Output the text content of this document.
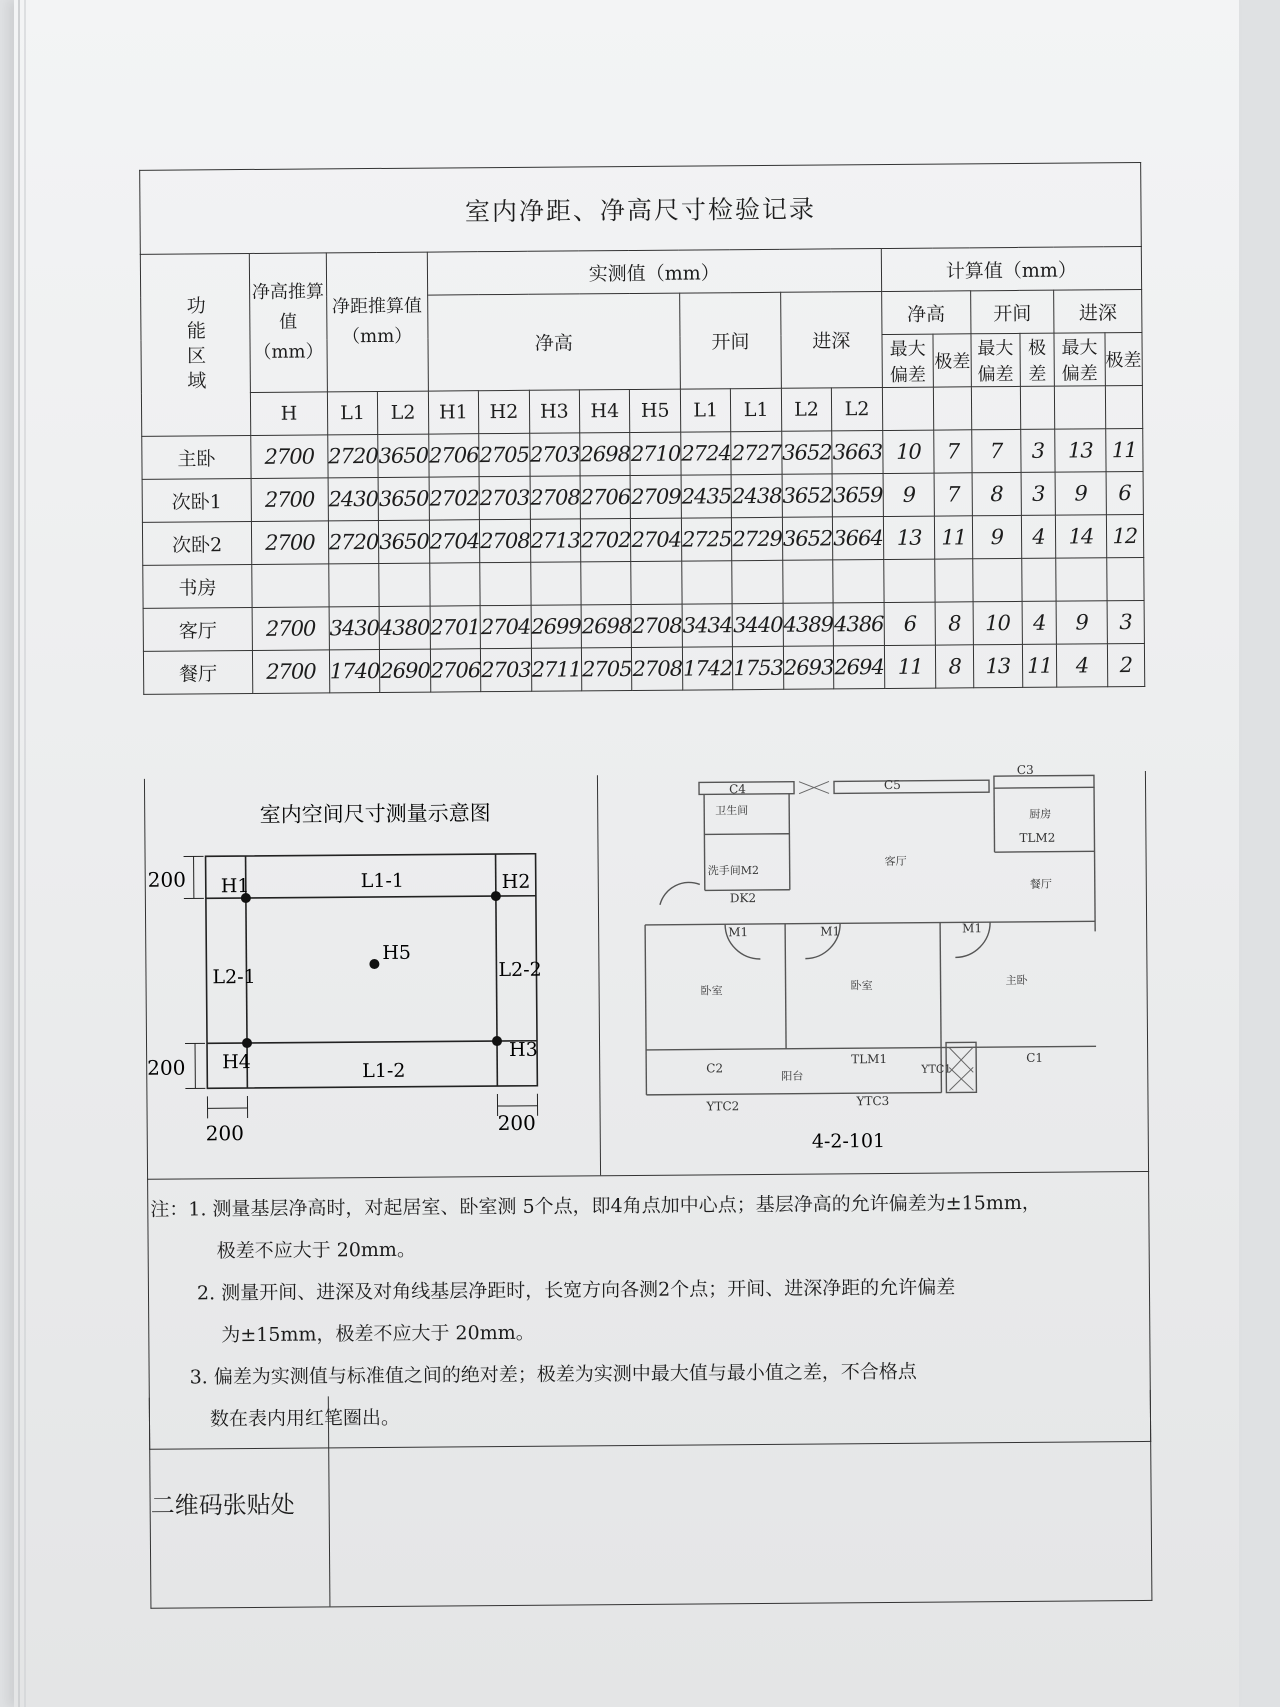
室内净距、净高尺寸检验记录
功能区域	净高推算值（mm）	净距推算值（mm）		实测值（mm）									计算值（mm）					
				净高					开间		进深		净高		开间		进深	
													最大偏差	极差	最大偏差	极差	最大偏差	极差
	H	L1	L2	H1	H2	H3	H4	H5	L1	L1	L2	L2						
主卧	2700	2720	3650	2706	2705	2703	2698	2710	2724	2727	3652	3663	10	7	7	3	13	11
次卧1	2700	2430	3650	2702	2703	2708	2706	2709	2435	2438	3652	3659	9	7	8	3	9	6
次卧2	2700	2720	3650	2704	2708	2713	2702	2704	2725	2729	3652	3664	13	11	9	4	14	12
书房																		
客厅	2700	3430	4380	2701	2704	2699	2698	2708	3434	3440	4389	4386	6	8	10	4	9	3
餐厅	2700	1740	2690	2706	2703	2711	2705	2708	1742	1753	2693	2694	11	8	13	11	4	2
室内空间尺寸测量示意图
H1	H2
H3
H4
H5
L1-1
L1-2
L2-1	L2-2
200
200
200	200
C4	C5
C3
卫生间
洗手间M2
DK2
厨房
TLM2
客厅
餐厅
M1	M1	M1
卧室	卧室	主卧
C2
阳台
TLM1
YTC1
C1
YTC2	YTC3
4-2-101

注：1. 测量基层净高时，对起居室、卧室测 5个点，即4角点加中心点；基层净高的允许偏差为±15mm，

极差不应大于 20mm。

2. 测量开间、进深及对角线基层净距时，长宽方向各测2个点；开间、进深净距的允许偏差

为±15mm，极差不应大于 20mm。

3. 偏差为实测值与标准值之间的绝对差；极差为实测中最大值与最小值之差，不合格点

数在表内用红笔圈出。

二维码张贴处
